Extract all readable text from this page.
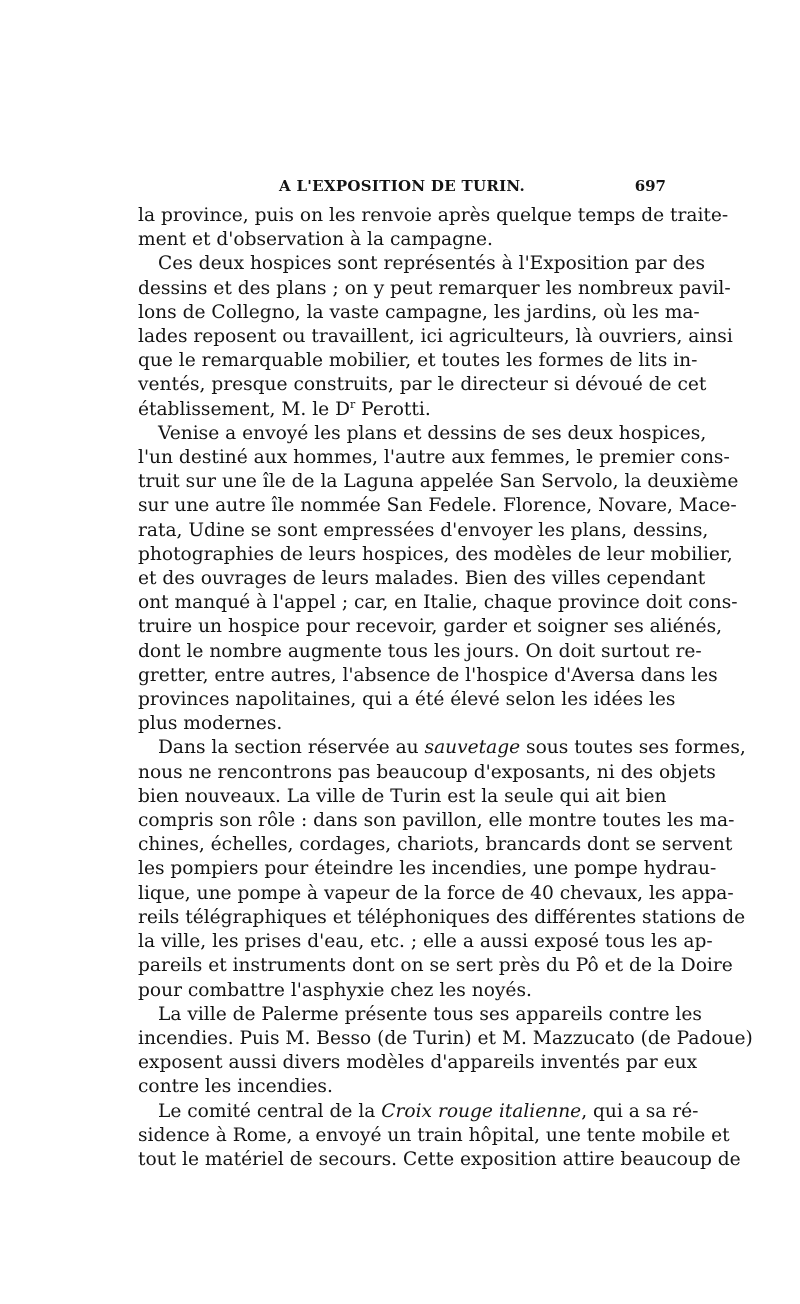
A L'EXPOSITION DE TURIN.	697

la province, puis on les renvoie après quelque temps de traite-
ment et d'observation à la campagne.

Ces deux hospices sont représentés à l'Exposition par des
dessins et des plans ; on y peut remarquer les nombreux pavil-
lons de Collegno, la vaste campagne, les jardins, où les ma-
lades reposent ou travaillent, ici agriculteurs, là ouvriers, ainsi
que le remarquable mobilier, et toutes les formes de lits in-
ventés, presque construits, par le directeur si dévoué de cet
établissement, M. le $D^r$ Perotti.

Venise a envoyé les plans et dessins de ses deux hospices,
l'un destiné aux hommes, l'autre aux femmes, le premier cons-
truit sur une île de la Laguna appelée San Servolo, la deuxième
sur une autre île nommée San Fedele. Florence, Novare, Mace-
rata, Udine se sont empressées d'envoyer les plans, dessins,
photographies de leurs hospices, des modèles de leur mobilier,
et des ouvrages de leurs malades. Bien des villes cependant
ont manqué à l'appel ; car, en Italie, chaque province doit cons-
truire un hospice pour recevoir, garder et soigner ses aliénés,
dont le nombre augmente tous les jours. On doit surtout re-
gretter, entre autres, l'absence de l'hospice d'Aversa dans les
provinces napolitaines, qui a été élevé selon les idées les
plus modernes.

Dans la section réservée au sauvetage sous toutes ses formes,
nous ne rencontrons pas beaucoup d'exposants, ni des objets
bien nouveaux. La ville de Turin est la seule qui ait bien
compris son rôle : dans son pavillon, elle montre toutes les ma-
chines, échelles, cordages, chariots, brancards dont se servent
les pompiers pour éteindre les incendies, une pompe hydrau-
lique, une pompe à vapeur de la force de 40 chevaux, les appa-
reils télégraphiques et téléphoniques des différentes stations de
la ville, les prises d'eau, etc. ; elle a aussi exposé tous les ap-
pareils et instruments dont on se sert près du Pô et de la Doire
pour combattre l'asphyxie chez les noyés.

La ville de Palerme présente tous ses appareils contre les
incendies. Puis M. Besso (de Turin) et M. Mazzucato (de Padoue)
exposent aussi divers modèles d'appareils inventés par eux
contre les incendies.

Le comité central de la Croix rouge italienne, qui a sa ré-
sidence à Rome, a envoyé un train hôpital, une tente mobile et
tout le matériel de secours. Cette exposition attire beaucoup de
